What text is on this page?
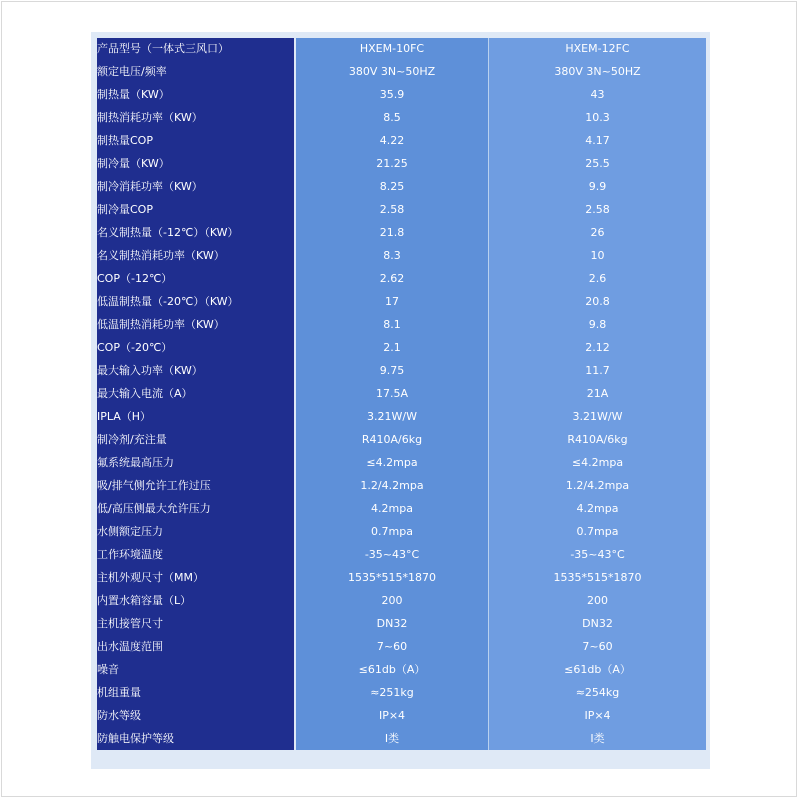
产品型号（一体式三风口）	HXEM-10FC	HXEM-12FC
额定电压/频率	380V 3N~50HZ	380V 3N~50HZ
制热量（KW）	35.9	43
制热消耗功率（KW）	8.5	10.3
制热量COP	4.22	4.17
制冷量（KW）	21.25	25.5
制冷消耗功率（KW）	8.25	9.9
制冷量COP	2.58	2.58
名义制热量（-12℃）（KW）	21.8	26
名义制热消耗功率（KW）	8.3	10
COP（-12℃）	2.62	2.6
低温制热量（-20℃）（KW）	17	20.8
低温制热消耗功率（KW）	8.1	9.8
COP（-20℃）	2.1	2.12
最大输入功率（KW）	9.75	11.7
最大输入电流（A）	17.5A	21A
IPLA（H）	3.21W/W	3.21W/W
制冷剂/充注量	R410A/6kg	R410A/6kg
氟系统最高压力	≤4.2mpa	≤4.2mpa
吸/排气侧允许工作过压	1.2/4.2mpa	1.2/4.2mpa
低/高压侧最大允许压力	4.2mpa	4.2mpa
水侧额定压力	0.7mpa	0.7mpa
工作环境温度	-35~43°C	-35~43°C
主机外观尺寸（MM）	1535*515*1870	1535*515*1870
内置水箱容量（L）	200	200
主机接管尺寸	DN32	DN32
出水温度范围	7~60	7~60
噪音	≤61db（A）	≤61db（A）
机组重量	≈251kg	≈254kg
防水等级	IP×4	IP×4
防触电保护等级	I类	I类
